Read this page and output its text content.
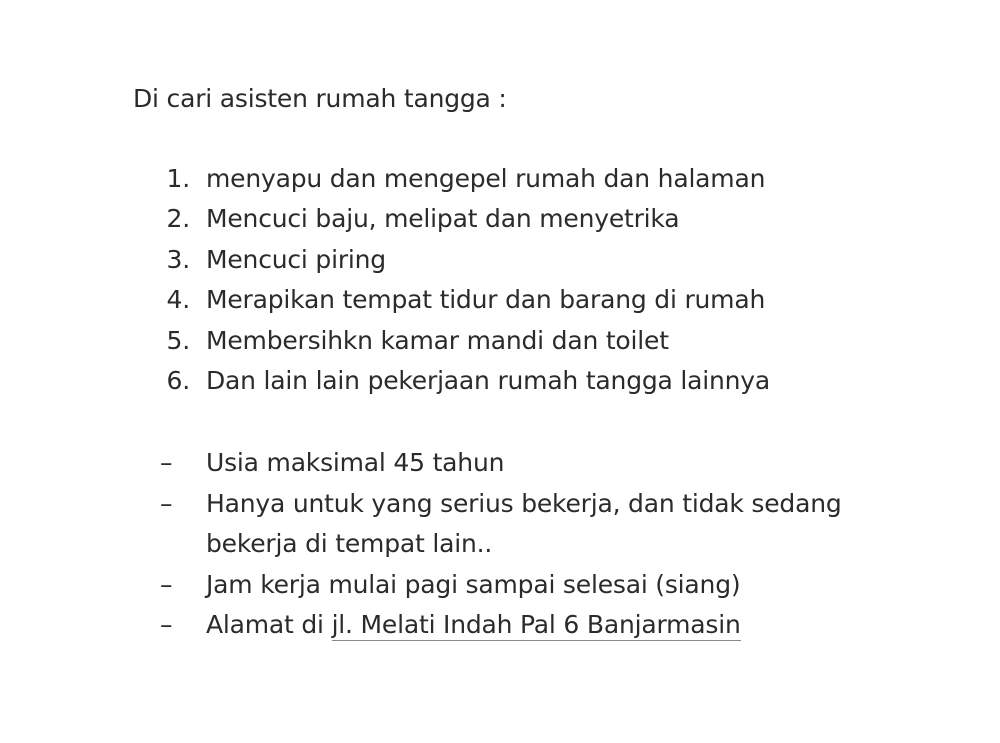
Di cari asisten rumah tangga :
1. menyapu dan mengepel rumah dan halaman
2. Mencuci baju, melipat dan menyetrika
3. Mencuci piring
4. Merapikan tempat tidur dan barang di rumah
5. Membersihkn kamar mandi dan toilet
6. Dan lain lain pekerjaan rumah tangga lainnya
–	Usia maksimal 45 tahun
–	Hanya untuk yang serius bekerja, dan tidak sedang
bekerja di tempat lain..
–	Jam kerja mulai pagi sampai selesai (siang)
–	Alamat di jl. Melati Indah Pal 6 Banjarmasin
